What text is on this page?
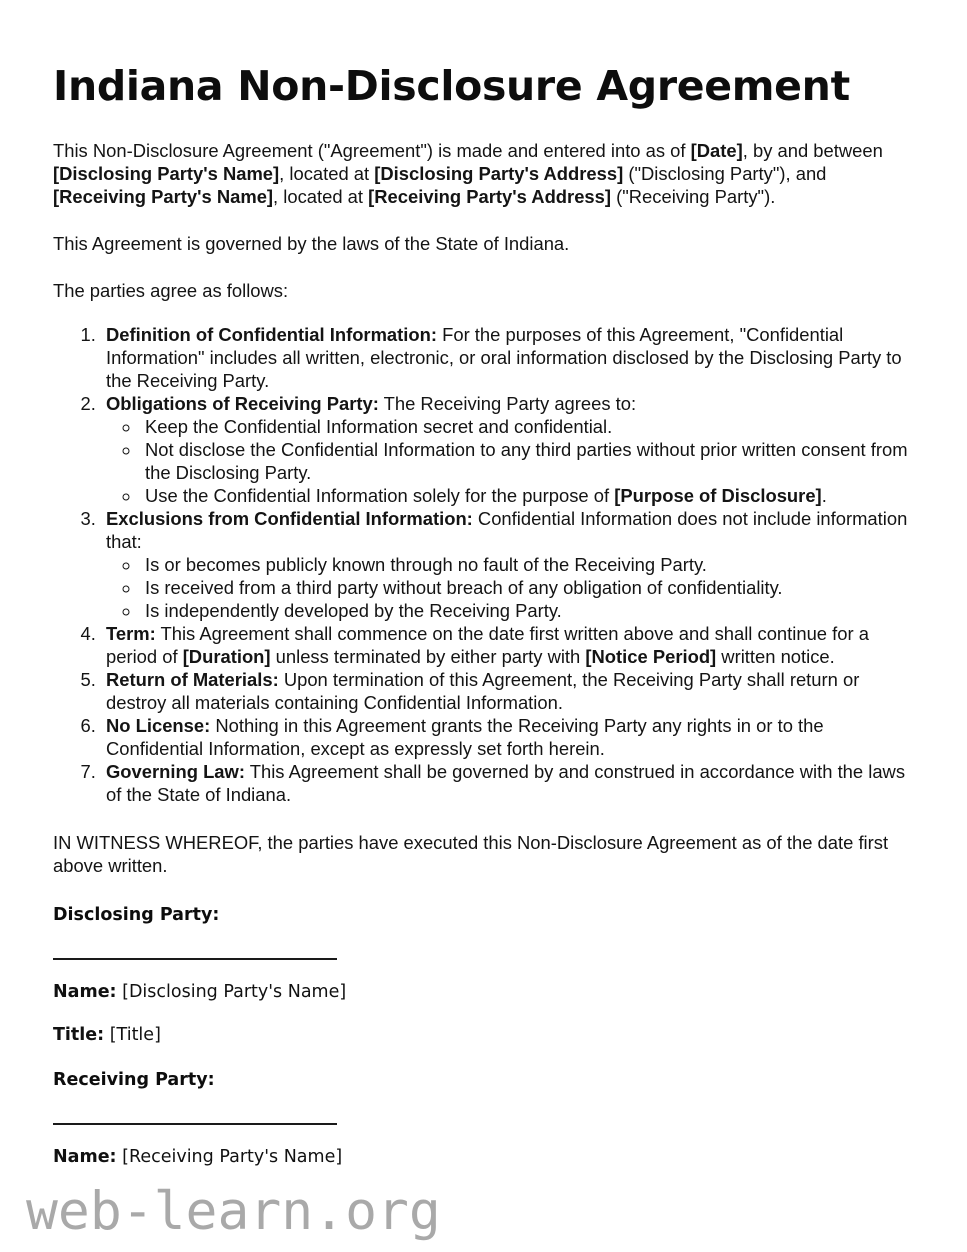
Indiana Non-Disclosure Agreement

This Non-Disclosure Agreement ("Agreement") is made and entered into as of [Date], by and between [Disclosing Party's Name], located at [Disclosing Party's Address] ("Disclosing Party"), and [Receiving Party's Name], located at [Receiving Party's Address] ("Receiving Party").

This Agreement is governed by the laws of the State of Indiana.

The parties agree as follows:

1. Definition of Confidential Information: For the purposes of this Agreement, "Confidential Information" includes all written, electronic, or oral information disclosed by the Disclosing Party to the Receiving Party.
2. Obligations of Receiving Party: The Receiving Party agrees to:
◦ Keep the Confidential Information secret and confidential.
◦ Not disclose the Confidential Information to any third parties without prior written consent from the Disclosing Party.
◦ Use the Confidential Information solely for the purpose of [Purpose of Disclosure].
3. Exclusions from Confidential Information: Confidential Information does not include information that:
◦ Is or becomes publicly known through no fault of the Receiving Party.
◦ Is received from a third party without breach of any obligation of confidentiality.
◦ Is independently developed by the Receiving Party.
4. Term: This Agreement shall commence on the date first written above and shall continue for a period of [Duration] unless terminated by either party with [Notice Period] written notice.
5. Return of Materials: Upon termination of this Agreement, the Receiving Party shall return or destroy all materials containing Confidential Information.
6. No License: Nothing in this Agreement grants the Receiving Party any rights in or to the Confidential Information, except as expressly set forth herein.
7. Governing Law: This Agreement shall be governed by and construed in accordance with the laws of the State of Indiana.

IN WITNESS WHEREOF, the parties have executed this Non-Disclosure Agreement as of the date first above written.

Disclosing Party:

Name: [Disclosing Party's Name]

Title: [Title]

Receiving Party:

Name: [Receiving Party's Name]

web-learn.org
